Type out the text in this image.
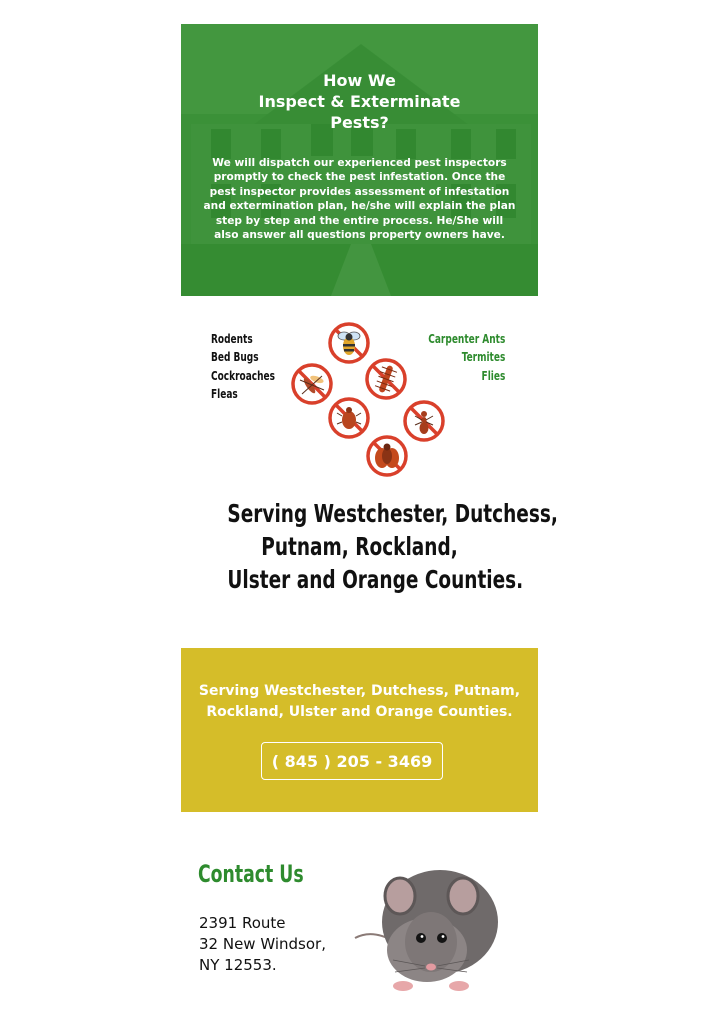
How We
Inspect & Exterminate
Pests?

We will dispatch our experienced pest inspectors promptly to check the pest infestation. Once the pest inspector provides assessment of infestation and extermination plan, he/she will explain the plan step by step and the entire process. He/She will also answer all questions property owners have.

Rodents
Bed Bugs
Cockroaches
Fleas
Carpenter Ants
Termites
Flies
Serving Westchester, Dutchess,
Putnam, Rockland,
Ulster and Orange Counties.

Serving Westchester, Dutchess, Putnam,
Rockland, Ulster and Orange Counties.

( 845 ) 205 - 3469
Contact Us
2391 Route
32 New Windsor,
NY 12553.
